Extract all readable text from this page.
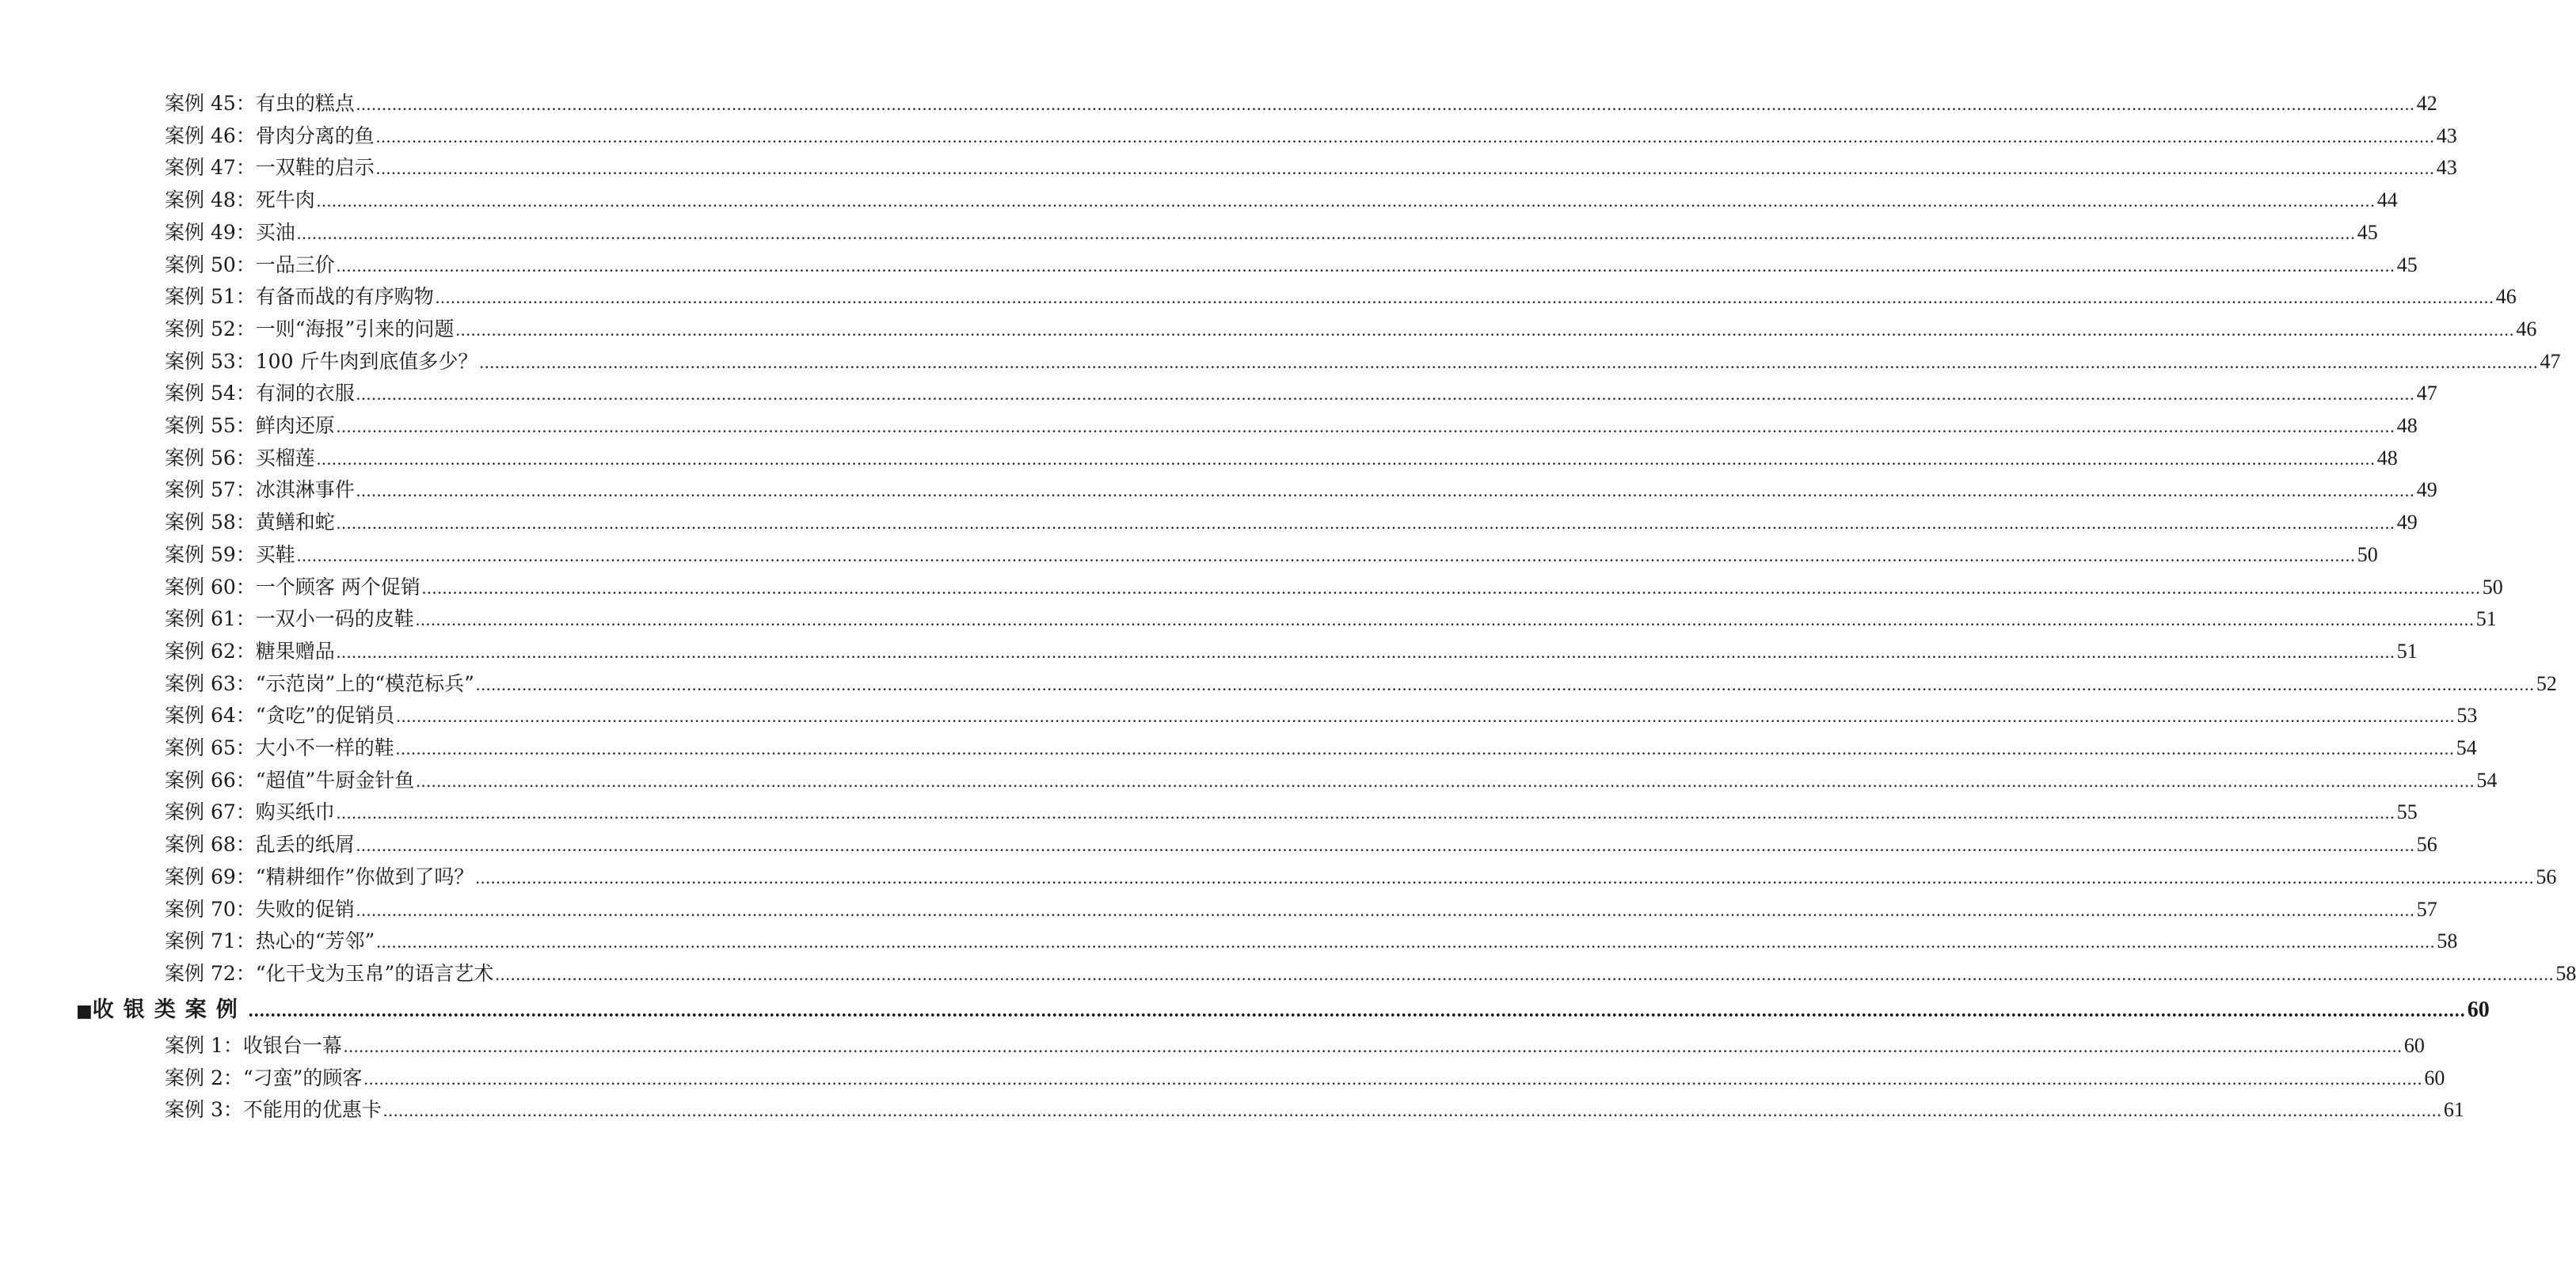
案例 45：有虫的糕点 ................................................................................................................................................................................................................................................................................................................................................................................................................ 42
案例 46：骨肉分离的鱼 ................................................................................................................................................................................................................................................................................................................................................................................................................ 43
案例 47：一双鞋的启示 ................................................................................................................................................................................................................................................................................................................................................................................................................ 43
案例 48：死牛肉 ................................................................................................................................................................................................................................................................................................................................................................................................................ 44
案例 49：买油 ................................................................................................................................................................................................................................................................................................................................................................................................................ 45
案例 50：一品三价 ................................................................................................................................................................................................................................................................................................................................................................................................................ 45
案例 51：有备而战的有序购物 ................................................................................................................................................................................................................................................................................................................................................................................................................ 46
案例 52：一则“海报”引来的问题 ................................................................................................................................................................................................................................................................................................................................................................................................................ 46
案例 53：100 斤牛肉到底值多少？ ................................................................................................................................................................................................................................................................................................................................................................................................................ 47
案例 54：有洞的衣服 ................................................................................................................................................................................................................................................................................................................................................................................................................ 47
案例 55：鲜肉还原 ................................................................................................................................................................................................................................................................................................................................................................................................................ 48
案例 56：买榴莲 ................................................................................................................................................................................................................................................................................................................................................................................................................ 48
案例 57：冰淇淋事件 ................................................................................................................................................................................................................................................................................................................................................................................................................ 49
案例 58：黄鳝和蛇 ................................................................................................................................................................................................................................................................................................................................................................................................................ 49
案例 59：买鞋 ................................................................................................................................................................................................................................................................................................................................................................................................................ 50
案例 60：一个顾客 两个促销 ................................................................................................................................................................................................................................................................................................................................................................................................................ 50
案例 61：一双小一码的皮鞋 ................................................................................................................................................................................................................................................................................................................................................................................................................ 51
案例 62：糖果赠品 ................................................................................................................................................................................................................................................................................................................................................................................................................ 51
案例 63：“示范岗”上的“模范标兵” ................................................................................................................................................................................................................................................................................................................................................................................................................ 52
案例 64：“贪吃”的促销员 ................................................................................................................................................................................................................................................................................................................................................................................................................ 53
案例 65：大小不一样的鞋 ................................................................................................................................................................................................................................................................................................................................................................................................................ 54
案例 66：“超值”牛厨金针鱼 ................................................................................................................................................................................................................................................................................................................................................................................................................ 54
案例 67：购买纸巾 ................................................................................................................................................................................................................................................................................................................................................................................................................ 55
案例 68：乱丢的纸屑 ................................................................................................................................................................................................................................................................................................................................................................................................................ 56
案例 69：“精耕细作”你做到了吗？ ................................................................................................................................................................................................................................................................................................................................................................................................................ 56
案例 70：失败的促销 ................................................................................................................................................................................................................................................................................................................................................................................................................ 57
案例 71：热心的“芳邻” ................................................................................................................................................................................................................................................................................................................................................................................................................ 58
案例 72：“化干戈为玉帛”的语言艺术 ................................................................................................................................................................................................................................................................................................................................................................................................................ 58
■ 收银类案例 ................................................................................................................................................................................................................................................................................................................................................................................................................ 60
案例 1：收银台一幕 ................................................................................................................................................................................................................................................................................................................................................................................................................ 60
案例 2：“刁蛮”的顾客 ................................................................................................................................................................................................................................................................................................................................................................................................................ 60
案例 3：不能用的优惠卡 ................................................................................................................................................................................................................................................................................................................................................................................................................ 61
